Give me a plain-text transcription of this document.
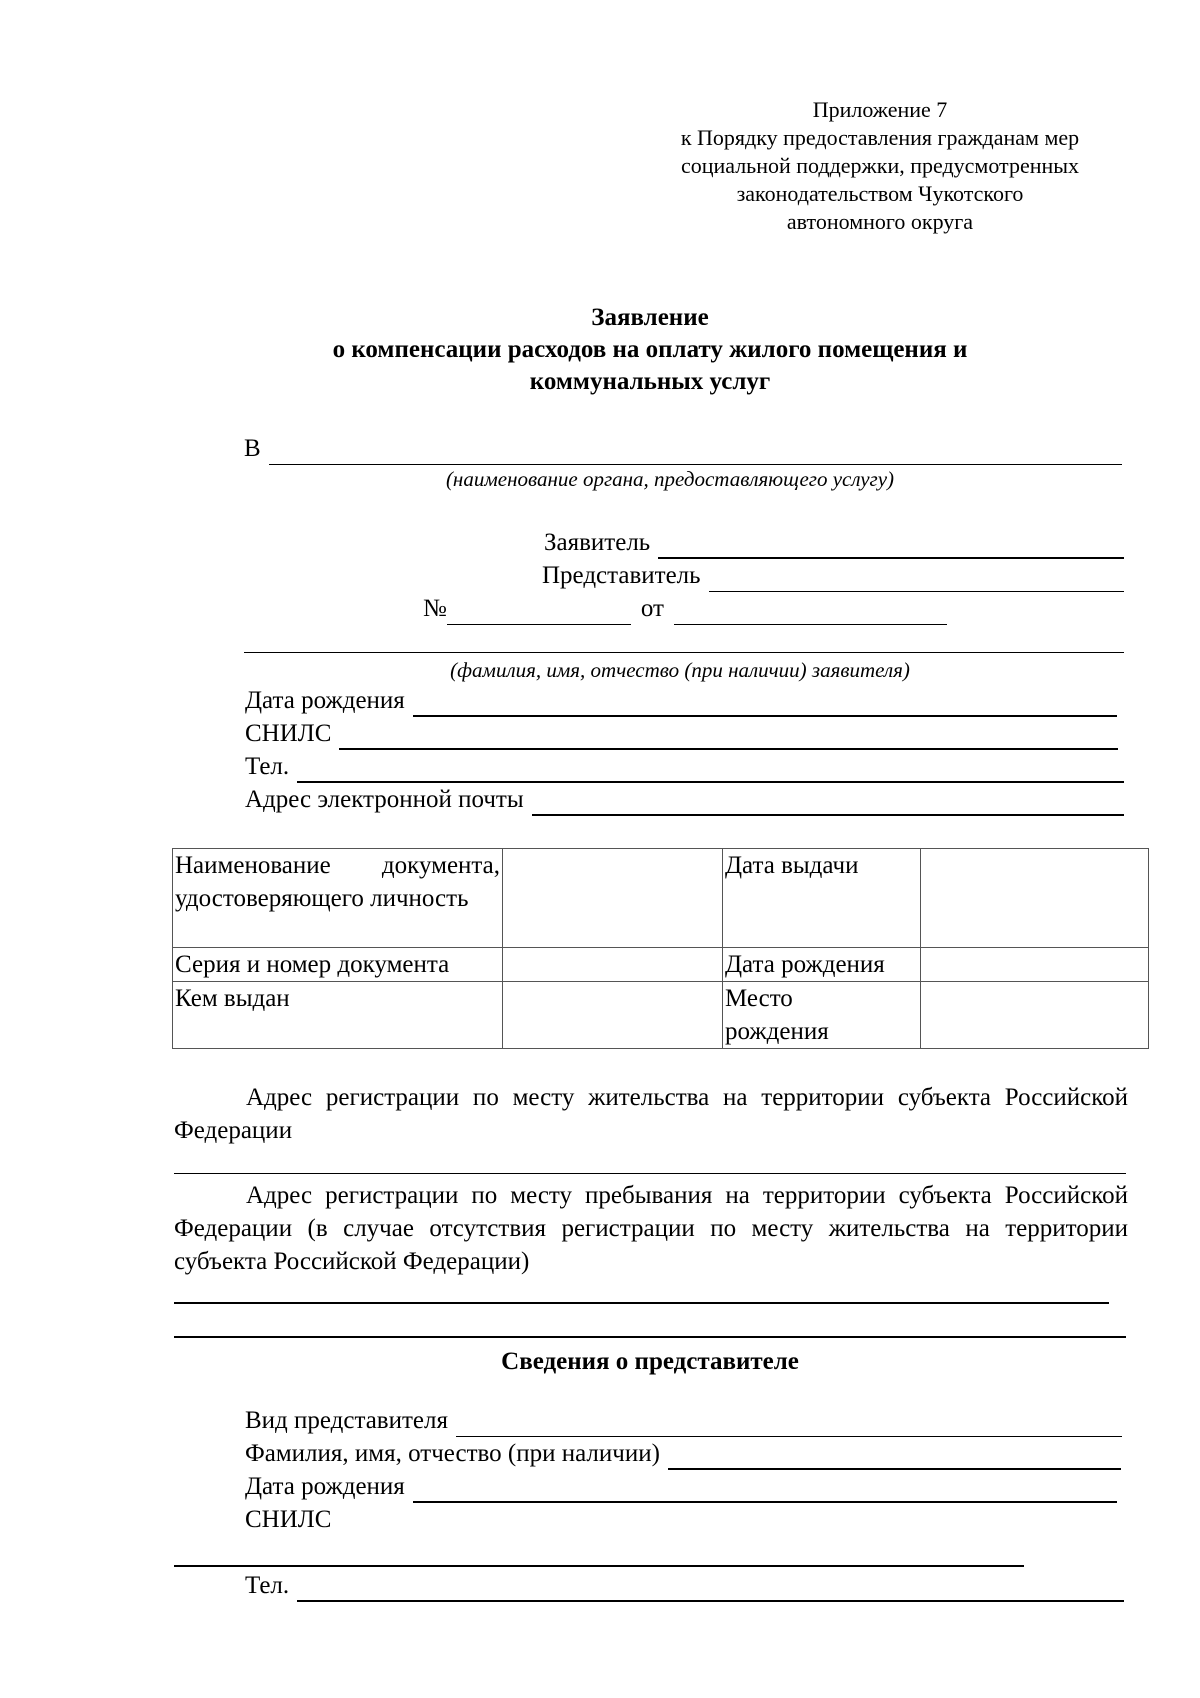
Приложение 7
к Порядку предоставления гражданам мер
социальной поддержки, предусмотренных
законодательством Чукотского
автономного округа
Заявление
о компенсации расходов на оплату жилого помещения и
коммунальных услуг
В
(наименование органа, предоставляющего услугу)
Заявитель
Представитель
№	от
(фамилия, имя, отчество (при наличии) заявителя)
Дата рождения
СНИЛС
Тел.
Адрес электронной почты
Наименование документа, удостоверяющего личность		Дата выдачи	
Серия и номер документа		Дата рождения	
Кем выдан		Место рождения	
Адрес регистрации по месту жительства на территории субъекта Российской Федерации
Адрес регистрации по месту пребывания на территории субъекта Российской Федерации (в случае отсутствия регистрации по месту жительства на территории субъекта Российской Федерации)
Сведения о представителе
Вид представителя
Фамилия, имя, отчество (при наличии)
Дата рождения
СНИЛС
Тел.
